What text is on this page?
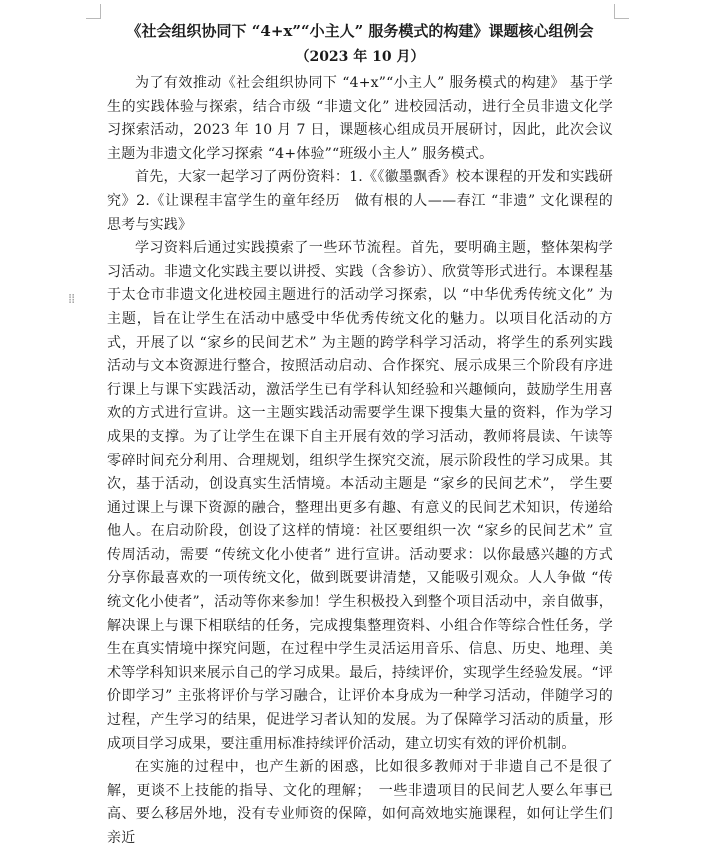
⁞⁞
《社会组织协同下 “4+x”“小主人” 服务模式的构建》课题核心组例会

（2023 年 10 月）

为了有效推动《社会组织协同下 “4+x”“小主人” 服务模式的构建》 基于学生的实践体验与探索，结合市级 “非遗文化” 进校园活动，进行全员非遗文化学习探索活动，2023 年 10 月 7 日，课题核心组成员开展研讨，因此，此次会议主题为非遗文化学习探索 “4+体验”“班级小主人” 服务模式。

首先，大家一起学习了两份资料：1.《《徽墨飘香》校本课程的开发和实践研究》2.《让课程丰富学生的童年经历　做有根的人——春江 “非遗” 文化课程的思考与实践》

学习资料后通过实践摸索了一些环节流程。首先，要明确主题，整体架构学习活动。非遗文化实践主要以讲授、实践（含参访）、欣赏等形式进行。本课程基于太仓市非遗文化进校园主题进行的活动学习探索，以 “中华优秀传统文化” 为主题，旨在让学生在活动中感受中华优秀传统文化的魅力。以项目化活动的方式，开展了以 “家乡的民间艺术” 为主题的跨学科学习活动，将学生的系列实践活动与文本资源进行整合，按照活动启动、合作探究、展示成果三个阶段有序进行课上与课下实践活动，激活学生已有学科认知经验和兴趣倾向，鼓励学生用喜欢的方式进行宣讲。这一主题实践活动需要学生课下搜集大量的资料，作为学习成果的支撑。为了让学生在课下自主开展有效的学习活动，教师将晨读、午读等零碎时间充分利用、合理规划，组织学生探究交流，展示阶段性的学习成果。其次，基于活动，创设真实生活情境。本活动主题是 “家乡的民间艺术”， 学生要通过课上与课下资源的融合，整理出更多有趣、有意义的民间艺术知识，传递给他人。在启动阶段，创设了这样的情境：社区要组织一次 “家乡的民间艺术” 宣传周活动，需要 “传统文化小使者” 进行宣讲。活动要求：以你最感兴趣的方式分享你最喜欢的一项传统文化，做到既要讲清楚，又能吸引观众。人人争做 “传统文化小使者”，活动等你来参加！学生积极投入到整个项目活动中，亲自做事，解决课上与课下相联结的任务，完成搜集整理资料、小组合作等综合性任务，学生在真实情境中探究问题，在过程中学生灵活运用音乐、信息、历史、地理、美术等学科知识来展示自己的学习成果。最后，持续评价，实现学生经验发展。“评价即学习” 主张将评价与学习融合，让评价本身成为一种学习活动，伴随学习的过程，产生学习的结果，促进学习者认知的发展。为了保障学习活动的质量，形成项目学习成果，要注重用标准持续评价活动，建立切实有效的评价机制。

在实施的过程中，也产生新的困惑，比如很多教师对于非遗自己不是很了解，更谈不上技能的指导、文化的理解；　一些非遗项目的民间艺人要么年事已高、要么移居外地，没有专业师资的保障，如何高效地实施课程，如何让学生们亲近
